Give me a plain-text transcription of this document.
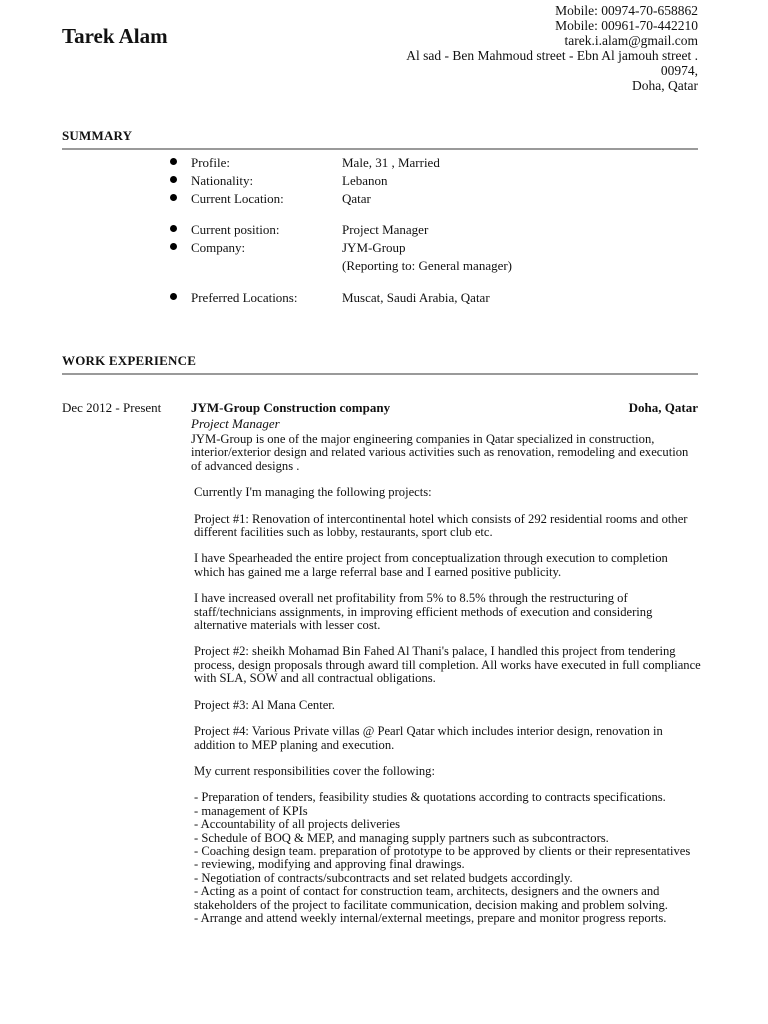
Tarek Alam
Mobile: 00974-70-658862
Mobile: 00961-70-442210
tarek.i.alam@gmail.com
Al sad - Ben Mahmoud street - Ebn Al jamouh street .
00974,
Doha, Qatar
SUMMARY
Profile:	Male, 31 , Married
Nationality:	Lebanon
Current Location:	Qatar
Current position:	Project Manager
Company:	JYM-Group
(Reporting to: General manager)
Preferred Locations:	Muscat, Saudi Arabia, Qatar
WORK EXPERIENCE
Dec 2012 - Present JYM-Group Construction company	Doha, Qatar
Project Manager

JYM-Group is one of the major engineering companies in Qatar specialized in construction, interior/exterior design and related various activities such as renovation, remodeling and execution of advanced designs .

Currently I'm managing the following projects:

Project #1: Renovation of intercontinental hotel which consists of 292 residential rooms and other different facilities such as lobby, restaurants, sport club etc.

I have Spearheaded the entire project from conceptualization through execution to completion which has gained me a large referral base and I earned positive publicity.

I have increased overall net profitability from 5% to 8.5% through the restructuring of staff/technicians assignments, in improving efficient methods of execution and considering alternative materials with lesser cost.

Project #2: sheikh Mohamad Bin Fahed Al Thani's palace, I handled this project from tendering process, design proposals through award till completion. All works have executed in full compliance with SLA, SOW and all contractual obligations.

Project #3: Al Mana Center.

Project #4: Various Private villas @ Pearl Qatar which includes interior design, renovation in addition to MEP planing and execution.

My current responsibilities cover the following:

- Preparation of tenders, feasibility studies & quotations according to contracts specifications.
- management of KPIs
- Accountability of all projects deliveries
- Schedule of BOQ & MEP, and managing supply partners such as subcontractors.
- Coaching design team. preparation of prototype to be approved by clients or their representatives
- reviewing, modifying and approving final drawings.
- Negotiation of contracts/subcontracts and set related budgets accordingly.
- Acting as a point of contact for construction team, architects, designers and the owners and stakeholders of the project to facilitate communication, decision making and problem solving.
- Arrange and attend weekly internal/external meetings, prepare and monitor progress reports.
